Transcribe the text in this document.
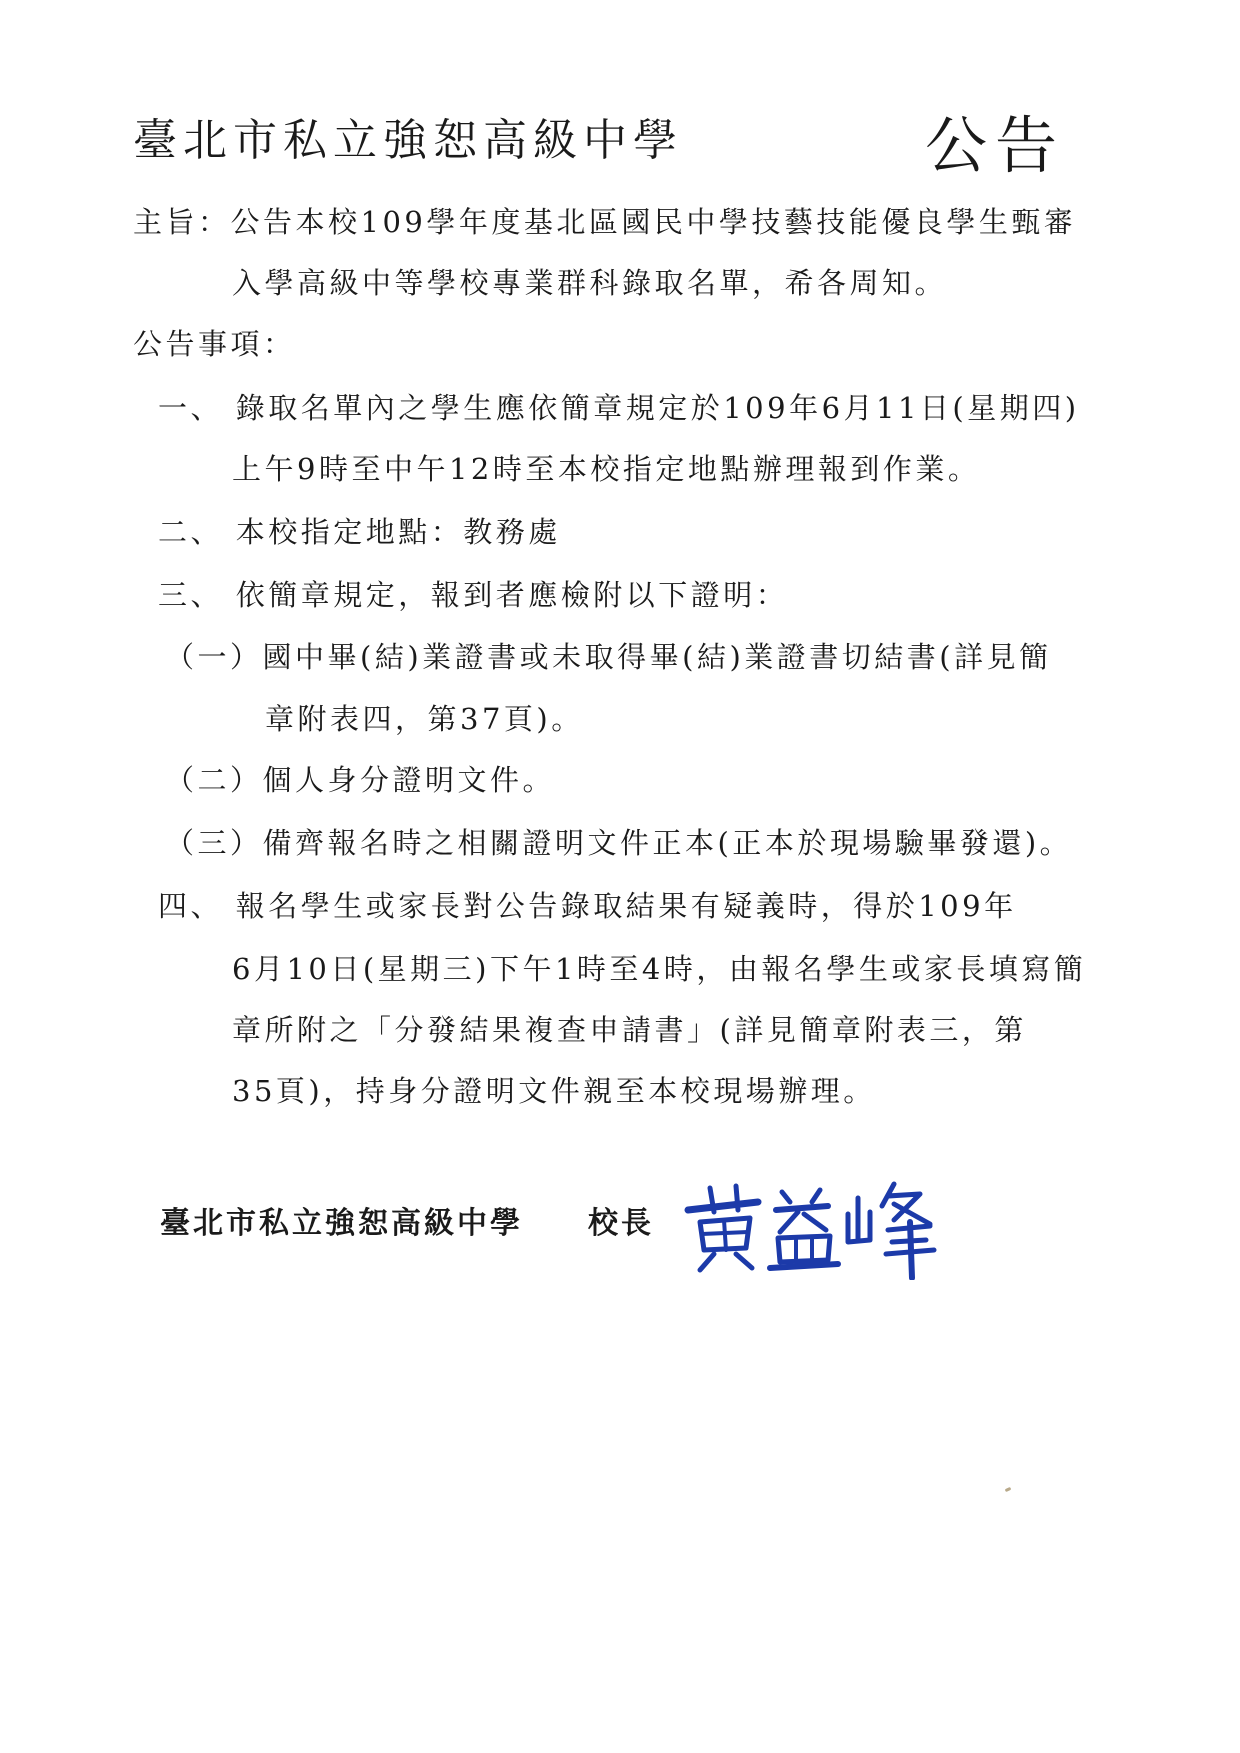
臺北市私立強恕高級中學	公告
主旨：公告本校109學年度基北區國民中學技藝技能優良學生甄審
入學高級中等學校專業群科錄取名單，希各周知。
公告事項：
一、 錄取名單內之學生應依簡章規定於109年6月11日(星期四)
上午9時至中午12時至本校指定地點辦理報到作業。
二、 本校指定地點：教務處
三、 依簡章規定，報到者應檢附以下證明：
（一）國中畢(結)業證書或未取得畢(結)業證書切結書(詳見簡
章附表四，第37頁)。
（二）個人身分證明文件。
（三）備齊報名時之相關證明文件正本(正本於現場驗畢發還)。
四、 報名學生或家長對公告錄取結果有疑義時，得於109年
6月10日(星期三)下午1時至4時，由報名學生或家長填寫簡
章所附之「分發結果複查申請書」(詳見簡章附表三，第
35頁)，持身分證明文件親至本校現場辦理。
臺北市私立強恕高級中學 校長
